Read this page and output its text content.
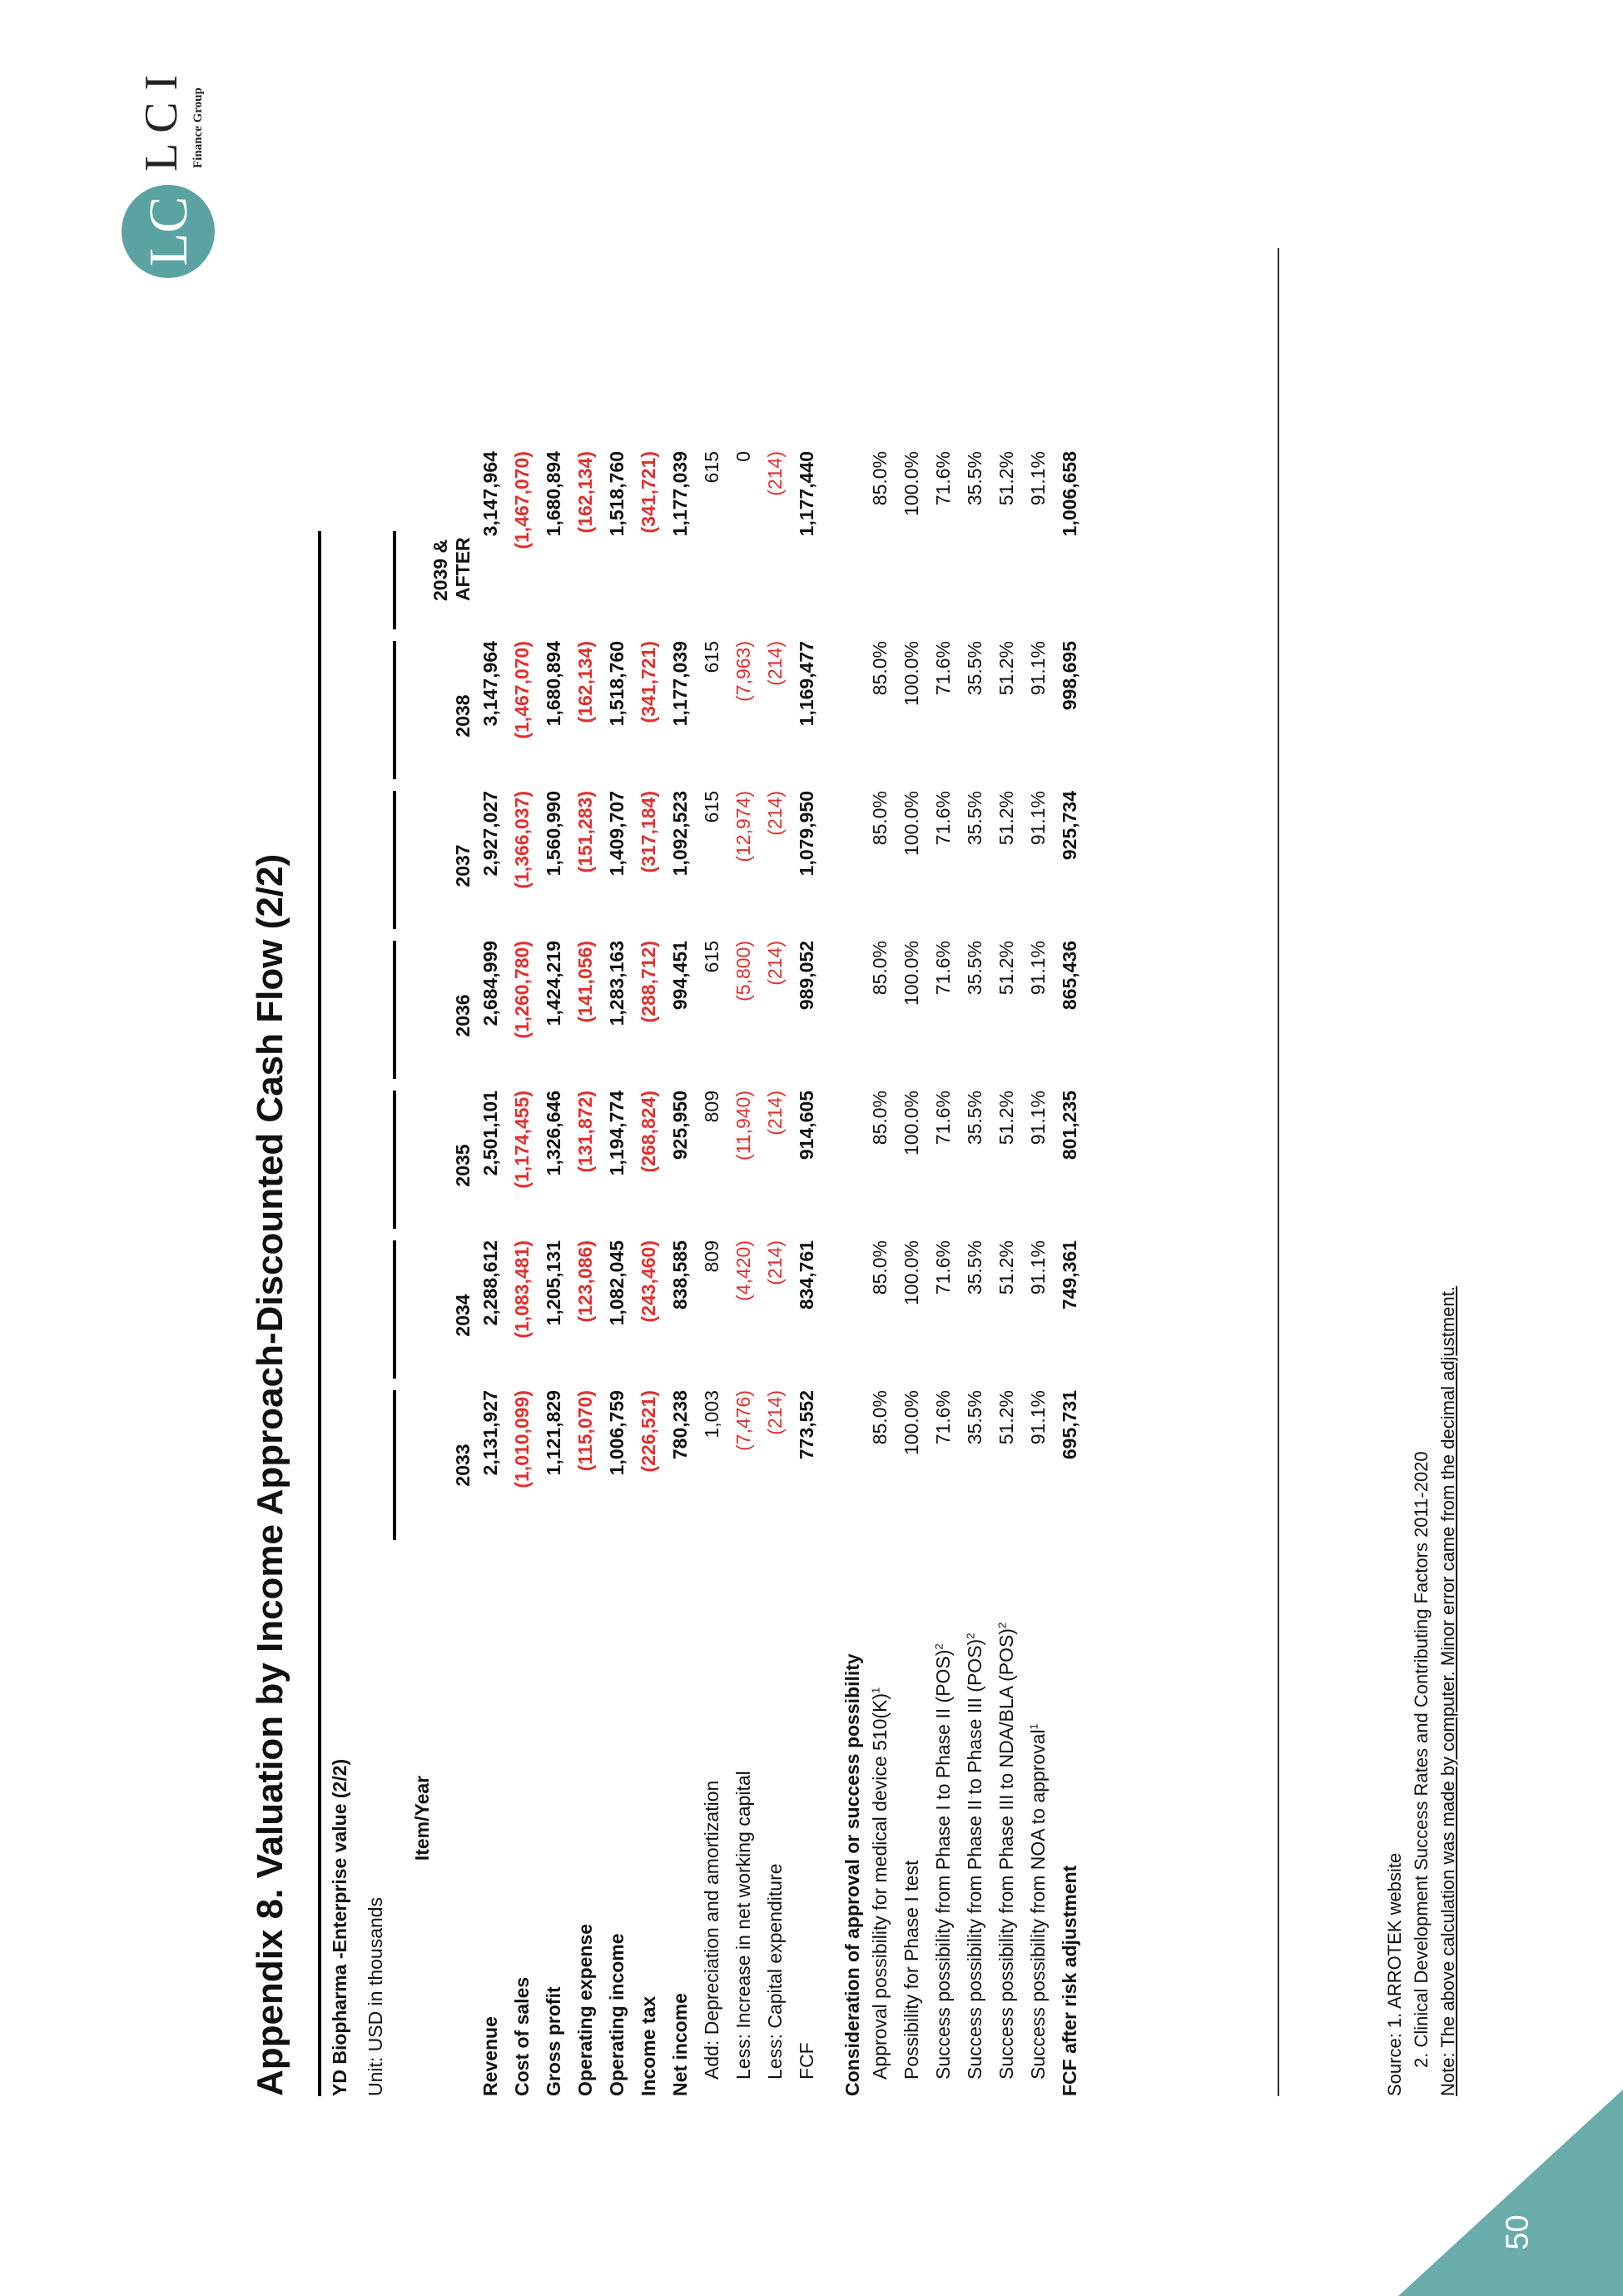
50
Appendix 8. Valuation by Income Approach-Discounted Cash Flow (2/2) YD Biopharma -Enterprise value (2/2) Unit: USD in thousands
Item/Year	2033	2034	2035	2036	2037	2038	2039 &
AFTER
Revenue	2,131,927	2,288,612	2,501,101	2,684,999	2,927,027	3,147,964	3,147,964
Cost of sales	(1,010,099)	(1,083,481)	(1,174,455)	(1,260,780)	(1,366,037)	(1,467,070)	(1,467,070)
Gross profit	1,121,829	1,205,131	1,326,646	1,424,219	1,560,990	1,680,894	1,680,894
Operating expense	(115,070)	(123,086)	(131,872)	(141,056)	(151,283)	(162,134)	(162,134)
Operating income	1,006,759	1,082,045	1,194,774	1,283,163	1,409,707	1,518,760	1,518,760
Income tax	(226,521)	(243,460)	(268,824)	(288,712)	(317,184)	(341,721)	(341,721)
Net income	780,238	838,585	925,950	994,451	1,092,523	1,177,039	1,177,039
Add: Depreciation and amortization	1,003	809	809	615	615	615	615
Less: Increase in net working capital	(7,476)	(4,420)	(11,940)	(5,800)	(12,974)	(7,963)	0
Less: Capital expenditure	(214)	(214)	(214)	(214)	(214)	(214)	(214)
FCF	773,552	834,761	914,605	989,052	1,079,950	1,169,477	1,177,440
Consideration of approval or success possibility							
Approval possibility for medical device $510(K)^1$	85.0%	85.0%	85.0%	85.0%	85.0%	85.0%	85.0%
Possibility for Phase I test	100.0%	100.0%	100.0%	100.0%	100.0%	100.0%	100.0%
Success possibility from Phase I to Phase II (POS)$^2$	71.6%	71.6%	71.6%	71.6%	71.6%	71.6%	71.6%
Success possibility from Phase II to Phase III (POS)$^2$	35.5%	35.5%	35.5%	35.5%	35.5%	35.5%	35.5%
Success possibility from Phase III to NDA/BLA (POS)$^2$	51.2%	51.2%	51.2%	51.2%	51.2%	51.2%	51.2%
Success possibility from NOA to approval$^1$	91.1%	91.1%	91.1%	91.1%	91.1%	91.1%	91.1%
FCF after risk adjustment	695,731	749,361	801,235	865,436	925,734	998,695	1,006,658
Source: 1. ARROTEK website 2. Clinical Development Success Rates and Contributing Factors 2011-2020 Note: The above calculation was made by computer. Minor error came from the decimal adjustment.
LC
L C I Finance Group
